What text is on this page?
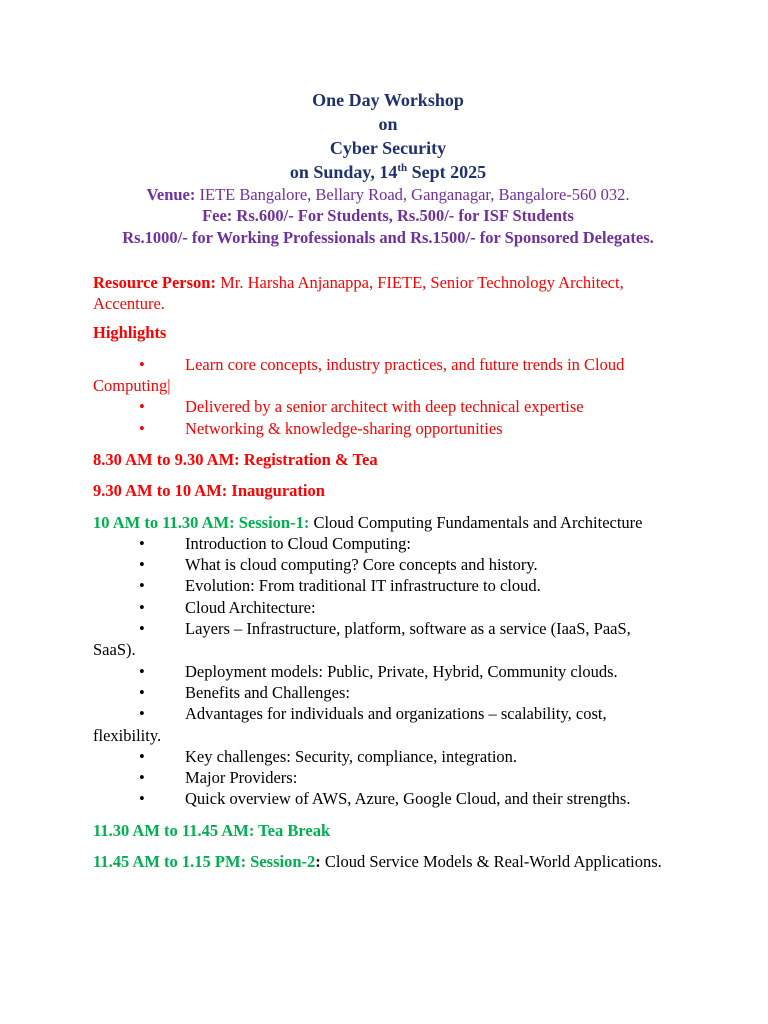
One Day Workshop
on
Cyber Security
on Sunday, 14th Sept 2025
Venue: IETE Bangalore, Bellary Road, Ganganagar, Bangalore-560 032.
Fee: Rs.600/- For Students, Rs.500/- for ISF Students
Rs.1000/- for Working Professionals and Rs.1500/- for Sponsored Delegates.
Resource Person: Mr. Harsha Anjanappa, FIETE, Senior Technology Architect, Accenture.
Highlights
• Learn core concepts, industry practices, and future trends in Cloud
Computing|
• Delivered by a senior architect with deep technical expertise
• Networking & knowledge-sharing opportunities
8.30 AM to 9.30 AM: Registration & Tea
9.30 AM to 10 AM: Inauguration
10 AM to 11.30 AM: Session-1: Cloud Computing Fundamentals and Architecture
• Introduction to Cloud Computing:
• What is cloud computing? Core concepts and history.
• Evolution: From traditional IT infrastructure to cloud.
• Cloud Architecture:
• Layers – Infrastructure, platform, software as a service (IaaS, PaaS,
SaaS).
• Deployment models: Public, Private, Hybrid, Community clouds.
• Benefits and Challenges:
• Advantages for individuals and organizations – scalability, cost,
flexibility.
• Key challenges: Security, compliance, integration.
• Major Providers:
• Quick overview of AWS, Azure, Google Cloud, and their strengths.
11.30 AM to 11.45 AM: Tea Break
11.45 AM to 1.15 PM: Session-2: Cloud Service Models & Real-World Applications.
